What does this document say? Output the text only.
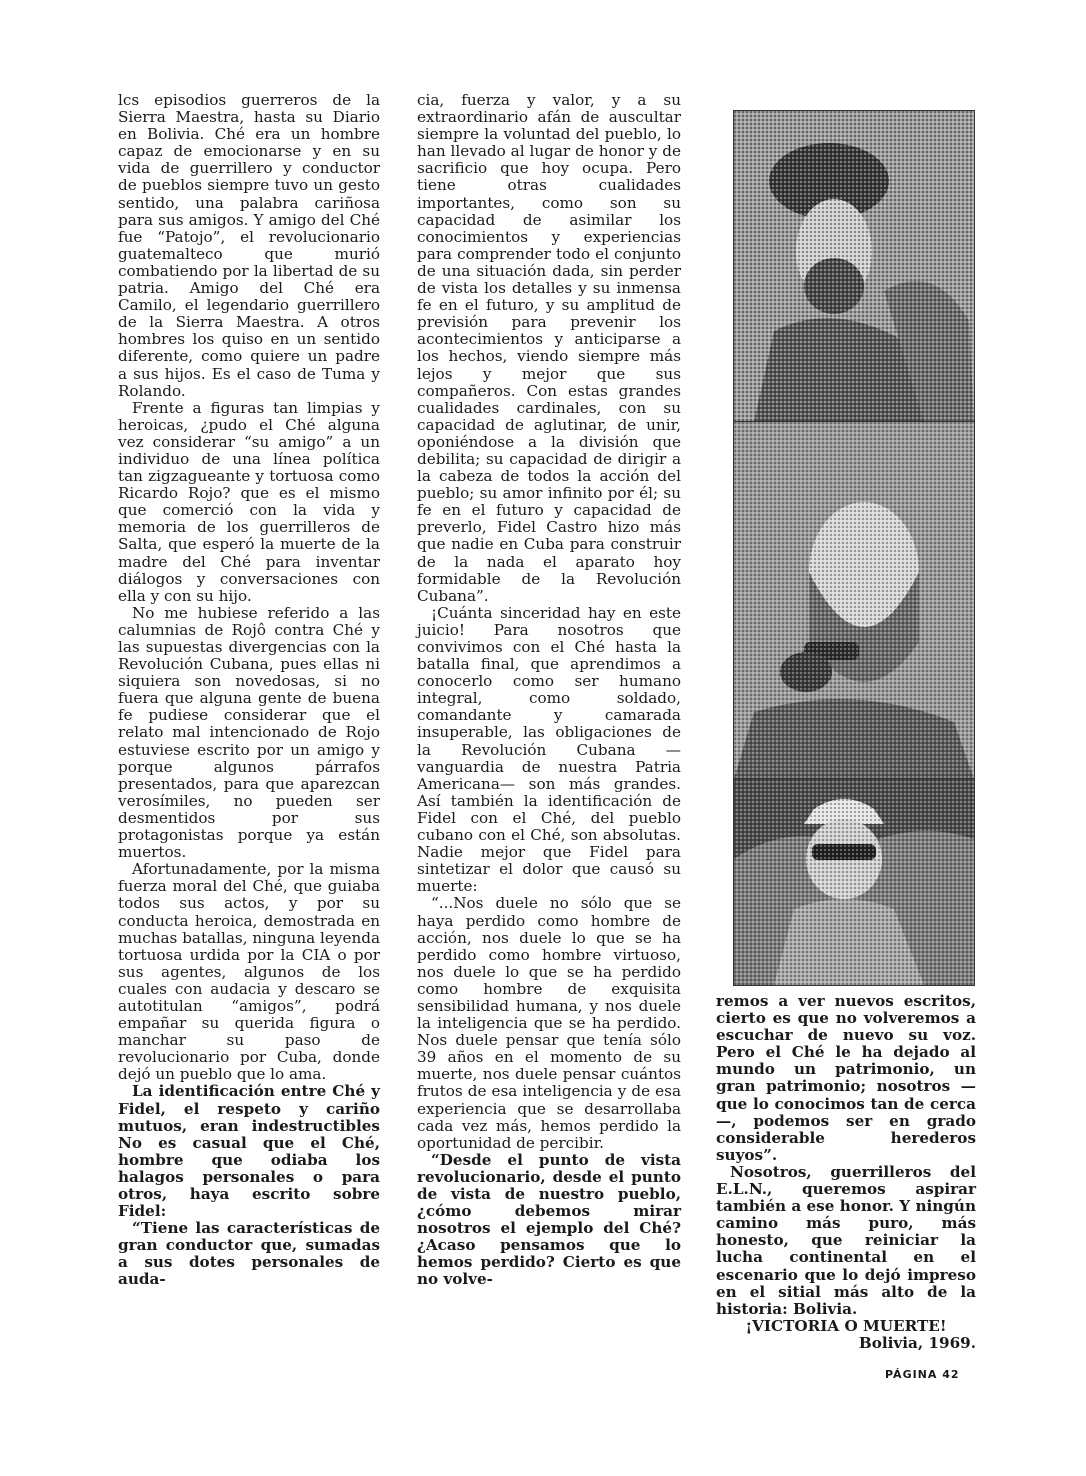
lcs episodios guerreros de la Sierra Maestra, hasta su Diario en Bolivia. Ché era un hombre capaz de emocionarse y en su vida de guerrillero y conductor de pueblos siempre tuvo un gesto sentido, una palabra cariñosa para sus amigos. Y amigo del Ché fue “Patojo”, el revolucionario guatemalteco que murió combatiendo por la libertad de su patria. Amigo del Ché era Camilo, el legendario guerrillero de la Sierra Maestra. A otros hombres los quiso en un sentido diferente, como quiere un padre a sus hijos. Es el caso de Tuma y Rolando.

Frente a figuras tan limpias y heroicas, ¿pudo el Ché alguna vez considerar “su amigo” a un individuo de una línea política tan zigzagueante y tortuosa como Ricardo Rojo? que es el mismo que comerció con la vida y memoria de los guerrilleros de Salta, que esperó la muerte de la madre del Ché para inventar diálogos y conversaciones con ella y con su hijo.

No me hubiese referido a las calumnias de Rojô contra Ché y las supuestas divergencias con la Revolución Cubana, pues ellas ni siquiera son novedosas, si no fuera que alguna gente de buena fe pudiese considerar que el relato mal intencionado de Rojo estuviese escrito por un amigo y porque algunos párrafos presentados, para que aparezcan verosímiles, no pueden ser desmentidos por sus protagonistas porque ya están muertos.

Afortunadamente, por la misma fuerza moral del Ché, que guiaba todos sus actos, y por su conducta heroica, demostrada en muchas batallas, ninguna leyenda tortuosa urdida por la CIA o por sus agentes, algunos de los cuales con audacia y descaro se autotitulan “amigos”, podrá empañar su querida figura o manchar su paso de revolucionario por Cuba, donde dejó un pueblo que lo ama.

La identificación entre Ché y Fidel, el respeto y cariño mutuos, eran indestructibles No es casual que el Ché, hombre que odiaba los halagos personales o para otros, haya escrito sobre Fidel:

“Tiene las características de gran conductor que, sumadas a sus dotes personales de auda-

cia, fuerza y valor, y a su extraordinario afán de auscultar siempre la voluntad del pueblo, lo han llevado al lugar de honor y de sacrificio que hoy ocupa. Pero tiene otras cualidades importantes, como son su capacidad de asimilar los conocimientos y experiencias para comprender todo el conjunto de una situación dada, sin perder de vista los detalles y su inmensa fe en el futuro, y su amplitud de previsión para prevenir los acontecimientos y anticiparse a los hechos, viendo siempre más lejos y mejor que sus compañeros. Con estas grandes cualidades cardinales, con su capacidad de aglutinar, de unir, oponiéndose a la división que debilita; su capacidad de dirigir a la cabeza de todos la acción del pueblo; su amor infinito por él; su fe en el futuro y capacidad de preverlo, Fidel Castro hizo más que nadie en Cuba para construir de la nada el aparato hoy formidable de la Revolución Cubana”.

¡Cuánta sinceridad hay en este juicio! Para nosotros que convivimos con el Ché hasta la batalla final, que aprendimos a conocerlo como ser humano integral, como soldado, comandante y camarada insuperable, las obligaciones de la Revolución Cubana —vanguardia de nuestra Patria Americana— son más grandes. Así también la identificación de Fidel con el Ché, del pueblo cubano con el Ché, son absolutas. Nadie mejor que Fidel para sintetizar el dolor que causó su muerte:

“...Nos duele no sólo que se haya perdido como hombre de acción, nos duele lo que se ha perdido como hombre virtuoso, nos duele lo que se ha perdido como hombre de exquisita sensibilidad humana, y nos duele la inteligencia que se ha perdido. Nos duele pensar que tenía sólo 39 años en el momento de su muerte, nos duele pensar cuántos frutos de esa inteligencia y de esa experiencia que se desarrollaba cada vez más, hemos perdido la oportunidad de percibir.

“Desde el punto de vista revolucionario, desde el punto de vista de nuestro pueblo, ¿cómo debemos mirar nosotros el ejemplo del Ché? ¿Acaso pensamos que lo hemos perdido? Cierto es que no volve-

remos a ver nuevos escritos, cierto es que no volveremos a escuchar de nuevo su voz. Pero el Ché le ha dejado al mundo un patrimonio, un gran patrimonio; nosotros —que lo conocimos tan de cerca—, podemos ser en grado considerable herederos suyos”.

Nosotros, guerrilleros del E.L.N., queremos aspirar también a ese honor. Y ningún camino más puro, más honesto, que reiniciar la lucha continental en el escenario que lo dejó impreso en el sitial más alto de la historia: Bolivia.

¡VICTORIA O MUERTE!

Bolivia, 1969.

PÁGINA 42
